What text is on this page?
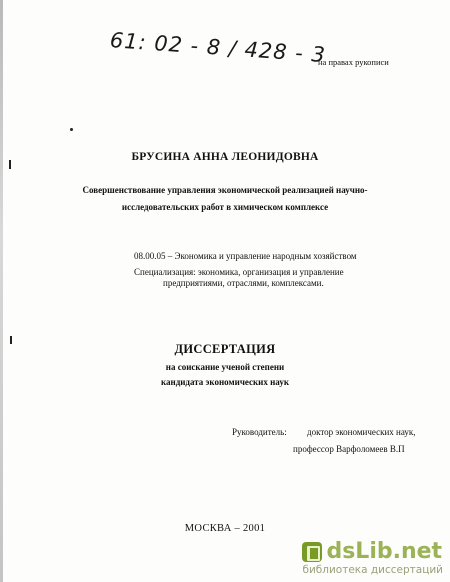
61: 02 - 8 / 428 - 3
на правах рукописи
БРУСИНА АННА ЛЕОНИДОВНА
Совершенствование управления экономической реализацией научно-
исследовательских работ в химическом комплексе
08.00.05 – Экономика и управление народным хозяйством
Специализация: экономика, организация и управление
предприятиями, отраслями, комплексами.
ДИССЕРТАЦИЯ
на соискание ученой степени
кандидата экономических наук
Руководитель: доктор экономических наук,
профессор Варфоломеев В.П
МОСКВА – 2001
dsLib.net
библиотека диссертаций
